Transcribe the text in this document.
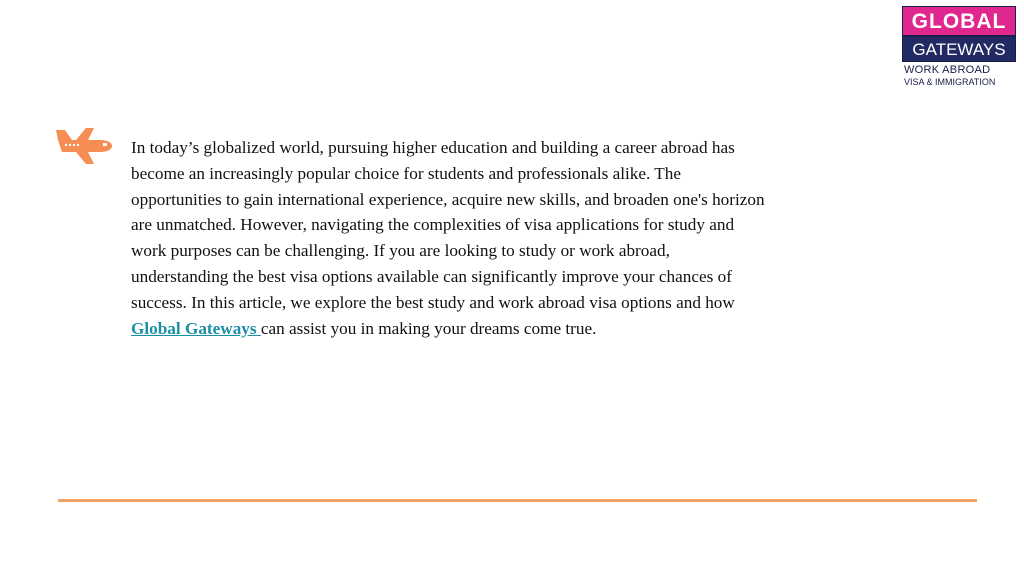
GLOBAL
GATEWAYS
WORK ABROAD
VISA & IMMIGRATION
In today’s globalized world, pursuing higher education and building a career abroad has
become an increasingly popular choice for students and professionals alike. The
opportunities to gain international experience, acquire new skills, and broaden one's horizon
are unmatched. However, navigating the complexities of visa applications for study and
work purposes can be challenging. If you are looking to study or work abroad,
understanding the best visa options available can significantly improve your chances of
success. In this article, we explore the best study and work abroad visa options and how
Global Gateways can assist you in making your dreams come true.
